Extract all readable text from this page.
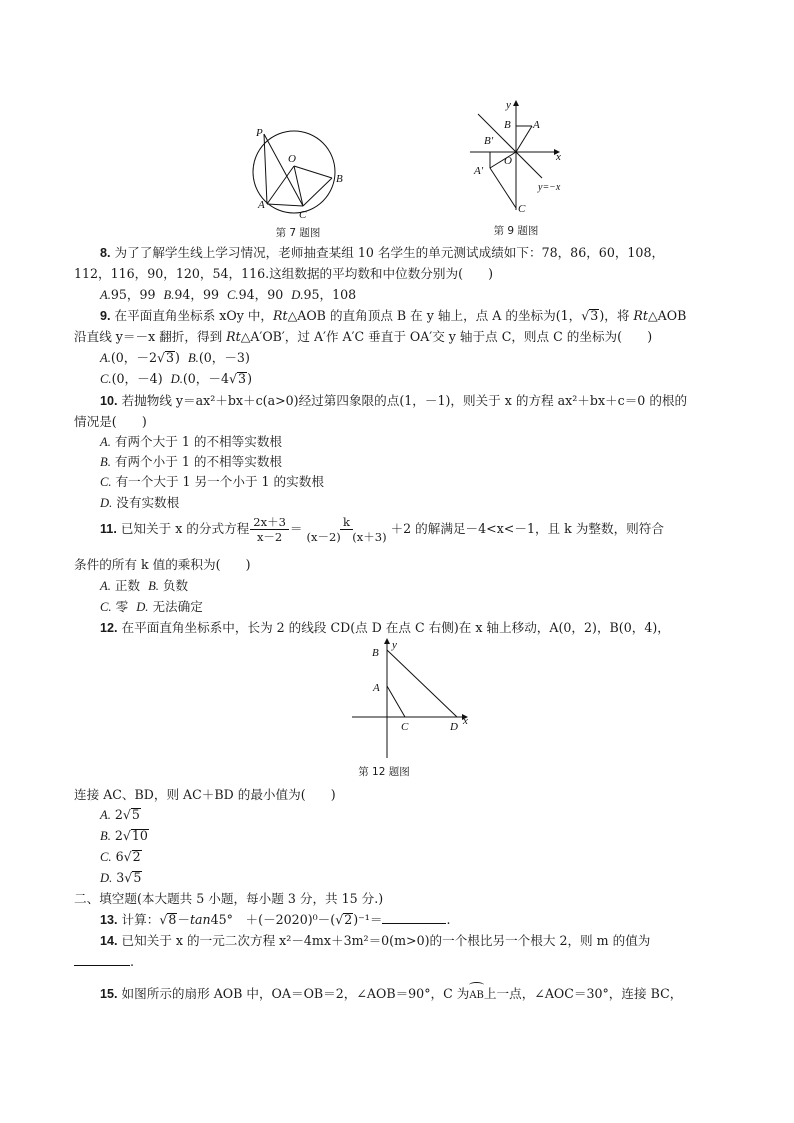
P
O
B
A
C
第 7 题图
y
x
B A
B′
O
A′
y=−x
C
第 9 题图
8. 为了了解学生线上学习情况，老师抽查某组 10 名学生的单元测试成绩如下：78，86，60，108，
112，116，90，120，54，116.这组数据的平均数和中位数分别为(　　)
A.95，99 B.94，99 C.94，90 D.95，108
9. 在平面直角坐标系 xOy 中，Rt△AOB 的直角顶点 B 在 y 轴上，点 A 的坐标为(1，√3)，将 Rt△AOB
沿直线 y＝－x 翻折，得到 Rt△A′OB′，过 A′作 A′C 垂直于 OA′交 y 轴于点 C，则点 C 的坐标为(　　)
A.(0，－2√3) B.(0，－3)
C.(0，－4) D.(0，－4√3)
10. 若抛物线 y＝ax²＋bx＋c(a>0)经过第四象限的点(1，－1)，则关于 x 的方程 ax²＋bx＋c＝0 的根的
情况是(　　)
A. 有两个大于 1 的不相等实数根
B. 有两个小于 1 的不相等实数根
C. 有一个大于 1 另一个小于 1 的实数根
D. 没有实数根
11. 已知关于 x 的分式方程 $\frac{2x+3}{x-2} = \frac{k}{(x-2) (x+3)} +2$ 的解满足－4<x<－1，且 k 为整数，则符合
条件的所有 k 值的乘积为(　　)
A. 正数 B. 负数
C. 零 D. 无法确定
12. 在平面直角坐标系中，长为 2 的线段 CD(点 D 在点 C 右侧)在 x 轴上移动，A(0，2)，B(0，4)，
B
y
A
C	D x
第 12 题图
连接 AC、BD，则 AC＋BD 的最小值为(　　)
A. 2√5
B. 2√10
C. 6√2
D. 3√5
二、填空题(本大题共 5 小题，每小题 3 分，共 15 分.)
13. 计算：√8－tan45°　＋(－2020)⁰－(√2)⁻¹＝	.
14. 已知关于 x 的一元二次方程 x²－4mx＋3m²＝0(m>0)的一个根比另一个根大 2，则 m 的值为
.
15. 如图所示的扇形 AOB 中，OA＝OB＝2，∠AOB＝90°，C 为
AB上一点，∠AOC＝30°，连接 BC，
